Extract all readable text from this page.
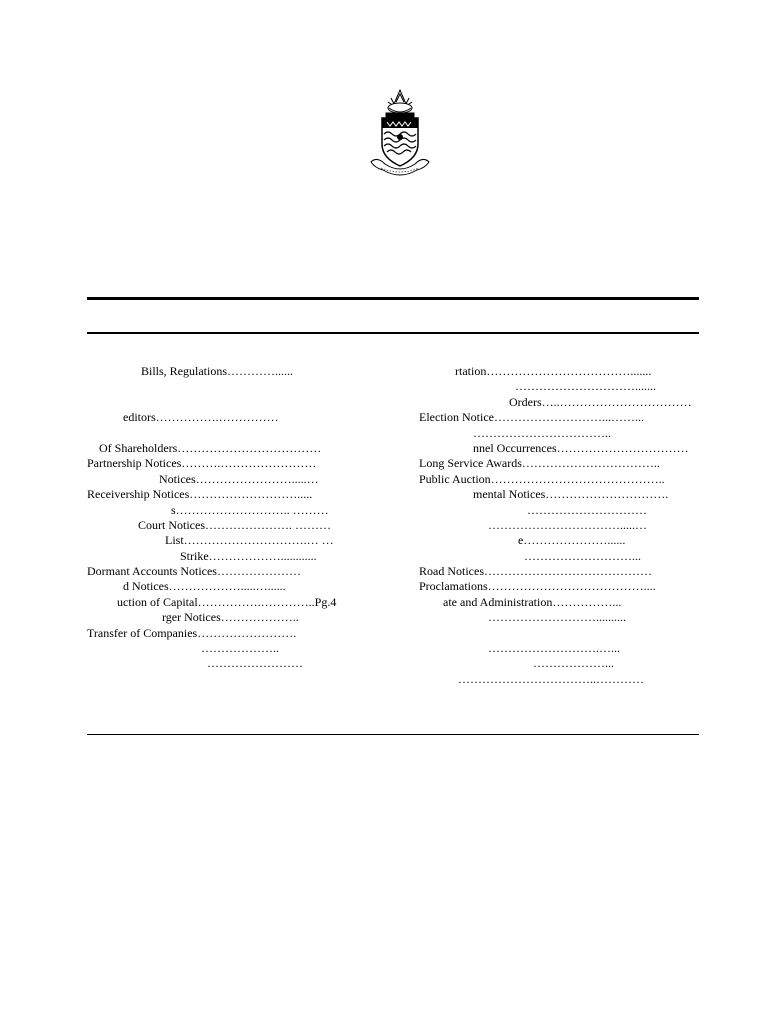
Bills, Regulations…………......
editors…………….……………
Of Shareholders………………………………
Partnership Notices……….……………………
Notices…………………….....…
Receivership Notices……………………….....
s……………………….. ………
Court Notices…………………. ………
List………………………….… …
Strike………………............
Dormant Accounts Notices…………………
d Notices……………….....…......
uction of Capital…………….…………..Pg.4
rger Notices………………..
Transfer of Companies…………………….
………………..
……………………
rtation……………………………….......
………………………….......
Orders…..……………………………
Election Notice………………………...……...
……………………………..
nnel Occurrences……………………………
Long Service Awards……………………………..
Public Auction……………………………………..
mental Notices………………………….
…………………………
…………………………….....…
e…………………......
………………………...
Road Notices……………………………………
Proclamations…………………………………....
ate and Administration……………...
………………………..........
……………………….…...
………………...
……………………………..…………
